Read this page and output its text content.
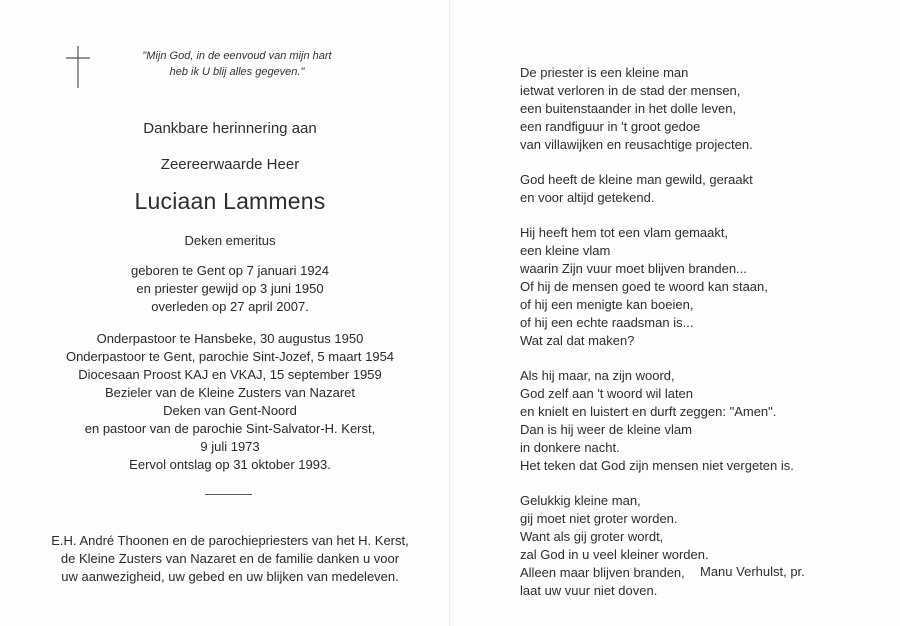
"Mijn God, in de eenvoud van mijn hart
heb ik U blij alles gegeven."
Dankbare herinnering aan
Zeereerwaarde Heer
Luciaan Lammens
Deken emeritus
geboren te Gent op 7 januari 1924
en priester gewijd op 3 juni 1950
overleden op 27 april 2007.
Onderpastoor te Hansbeke, 30 augustus 1950
Onderpastoor te Gent, parochie Sint-Jozef, 5 maart 1954
Diocesaan Proost KAJ en VKAJ, 15 september 1959
Bezieler van de Kleine Zusters van Nazaret
Deken van Gent-Noord
en pastoor van de parochie Sint-Salvator-H. Kerst,
9 juli 1973
Eervol ontslag op 31 oktober 1993.
E.H. André Thoonen en de parochiepriesters van het H. Kerst,
de Kleine Zusters van Nazaret en de familie danken u voor
uw aanwezigheid, uw gebed en uw blijken van medeleven.
De priester is een kleine man
ietwat verloren in de stad der mensen,
een buitenstaander in het dolle leven,
een randfiguur in 't groot gedoe
van villawijken en reusachtige projecten.
God heeft de kleine man gewild, geraakt
en voor altijd getekend.
Hij heeft hem tot een vlam gemaakt,
een kleine vlam
waarin Zijn vuur moet blijven branden...
Of hij de mensen goed te woord kan staan,
of hij een menigte kan boeien,
of hij een echte raadsman is...
Wat zal dat maken?
Als hij maar, na zijn woord,
God zelf aan 't woord wil laten
en knielt en luistert en durft zeggen: "Amen".
Dan is hij weer de kleine vlam
in donkere nacht.
Het teken dat God zijn mensen niet vergeten is.
Gelukkig kleine man,
gij moet niet groter worden.
Want als gij groter wordt,
zal God in u veel kleiner worden.
Alleen maar blijven branden,
laat uw vuur niet doven.
Manu Verhulst, pr.
